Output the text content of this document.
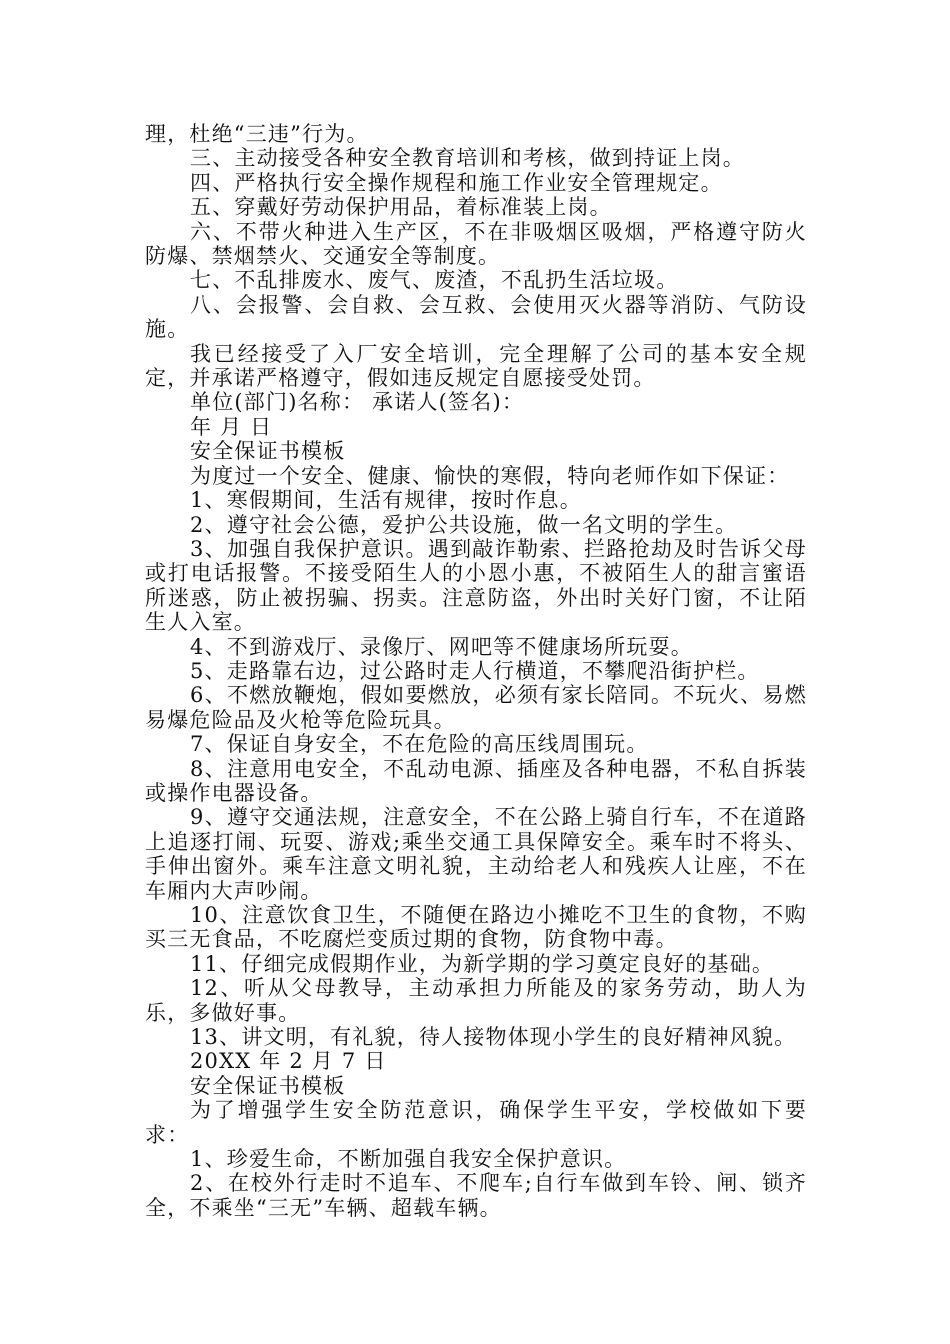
理，杜绝“三违”行为。

三、主动接受各种安全教育培训和考核，做到持证上岗。

四、严格执行安全操作规程和施工作业安全管理规定。

五、穿戴好劳动保护用品，着标准装上岗。

六、不带火种进入生产区，不在非吸烟区吸烟，严格遵守防火防爆、禁烟禁火、交通安全等制度。

七、不乱排废水、废气、废渣，不乱扔生活垃圾。

八、会报警、会自救、会互救、会使用灭火器等消防、气防设施。

我已经接受了入厂安全培训，完全理解了公司的基本安全规定，并承诺严格遵守，假如违反规定自愿接受处罚。

单位(部门)名称： 承诺人(签名)：

年 月 日

安全保证书模板

为度过一个安全、健康、愉快的寒假，特向老师作如下保证：

1、寒假期间，生活有规律，按时作息。

2、遵守社会公德，爱护公共设施，做一名文明的学生。

3、加强自我保护意识。遇到敲诈勒索、拦路抢劫及时告诉父母或打电话报警。不接受陌生人的小恩小惠，不被陌生人的甜言蜜语所迷惑，防止被拐骗、拐卖。注意防盗，外出时关好门窗，不让陌生人入室。

4、不到游戏厅、录像厅、网吧等不健康场所玩耍。

5、走路靠右边，过公路时走人行横道，不攀爬沿街护栏。

6、不燃放鞭炮，假如要燃放，必须有家长陪同。不玩火、易燃易爆危险品及火枪等危险玩具。

7、保证自身安全，不在危险的高压线周围玩。

8、注意用电安全，不乱动电源、插座及各种电器，不私自拆装或操作电器设备。

9、遵守交通法规，注意安全，不在公路上骑自行车，不在道路上追逐打闹、玩耍、游戏;乘坐交通工具保障安全。乘车时不将头、手伸出窗外。乘车注意文明礼貌，主动给老人和残疾人让座，不在车厢内大声吵闹。

10、注意饮食卫生，不随便在路边小摊吃不卫生的食物，不购买三无食品，不吃腐烂变质过期的食物，防食物中毒。

11、仔细完成假期作业，为新学期的学习奠定良好的基础。

12、听从父母教导，主动承担力所能及的家务劳动，助人为乐，多做好事。

13、讲文明，有礼貌，待人接物体现小学生的良好精神风貌。

20XX 年 2 月 7 日

安全保证书模板

为了增强学生安全防范意识，确保学生平安，学校做如下要求：

1、珍爱生命，不断加强自我安全保护意识。

2、在校外行走时不追车、不爬车;自行车做到车铃、闸、锁齐全，不乘坐“三无”车辆、超载车辆。
